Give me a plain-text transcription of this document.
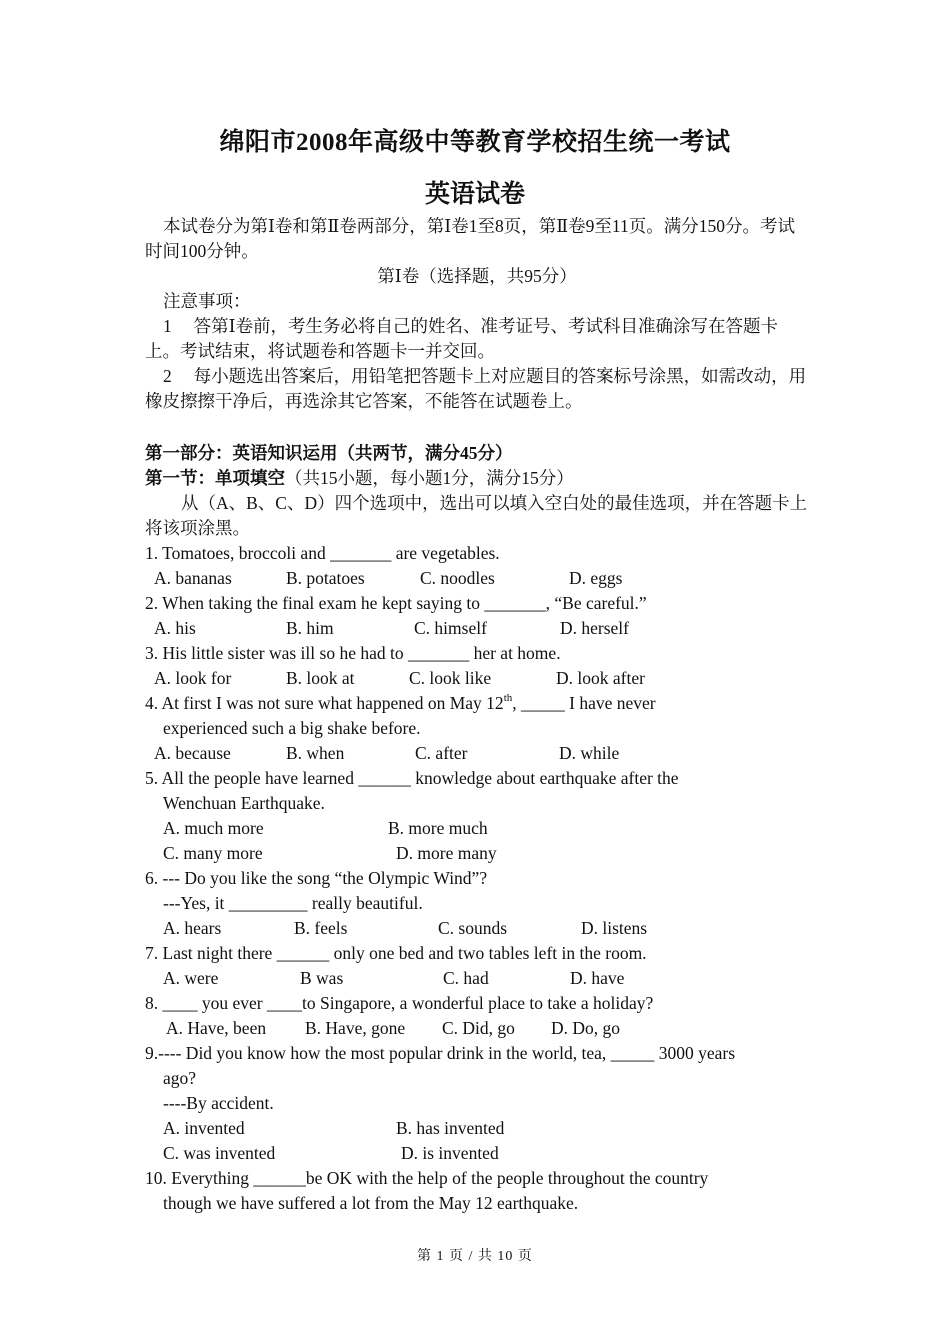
绵阳市2008年高级中等教育学校招生统一考试
英语试卷

本试卷分为第Ⅰ卷和第Ⅱ卷两部分，第Ⅰ卷1至8页，第Ⅱ卷9至11页。满分150分。考试时间100分钟。

第Ⅰ卷（选择题，共95分）

注意事项：

1　 答第Ⅰ卷前，考生务必将自己的姓名、准考证号、考试科目准确涂写在答题卡上。考试结束，将试题卷和答题卡一并交回。

2　 每小题选出答案后，用铅笔把答题卡上对应题目的答案标号涂黑，如需改动，用橡皮擦擦干净后，再选涂其它答案，不能答在试题卷上。

第一部分：英语知识运用（共两节，满分45分）

第一节：单项填空（共15小题，每小题1分，满分15分）

从（A、B、C、D）四个选项中，选出可以填入空白处的最佳选项，并在答题卡上将该项涂黑。

1. Tomatoes, broccoli and _______ are vegetables.

A. bananas	B. potatoes	C. noodles	D. eggs

2. When taking the final exam he kept saying to _______, “Be careful.”

A. his	B. him	C. himself	D. herself

3. His little sister was ill so he had to _______ her at home.

A. look for	B. look at	C. look like	D. look after

4. At first I was not sure what happened on May 12th, _____ I have never

experienced such a big shake before.

A. because	B. when	C. after	D. while

5. All the people have learned ______ knowledge about earthquake after the

Wenchuan Earthquake.

A. much more	B. more much
C. many more	D. more many

6. --- Do you like the song “the Olympic Wind”?

---Yes, it _________ really beautiful.

A. hears	B. feels	C. sounds	D. listens

7. Last night there ______ only one bed and two tables left in the room.

A. were	B was	C. had	D. have

8. ____ you ever ____to Singapore, a wonderful place to take a holiday?

A. Have, been B. Have, gone C. Did, go D. Do, go

9.---- Did you know how the most popular drink in the world, tea, _____ 3000 years

ago?

----By accident.

A. invented	B. has invented
C. was invented	D. is invented

10. Everything ______be OK with the help of the people throughout the country

though we have suffered a lot from the May 12 earthquake.

第 1 页 / 共 10 页
